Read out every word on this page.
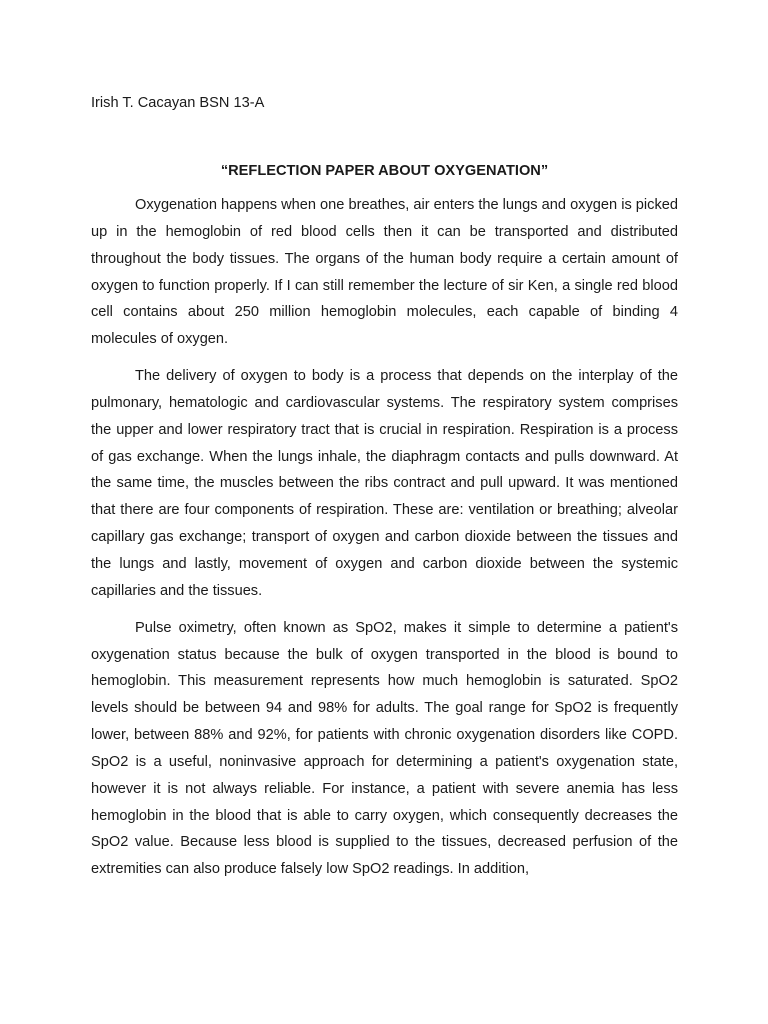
Irish T. Cacayan BSN 13-A

“REFLECTION PAPER ABOUT OXYGENATION”

Oxygenation happens when one breathes, air enters the lungs and oxygen is picked up in the hemoglobin of red blood cells then it can be transported and distributed throughout the body tissues. The organs of the human body require a certain amount of oxygen to function properly. If I can still remember the lecture of sir Ken, a single red blood cell contains about 250 million hemoglobin molecules, each capable of binding 4 molecules of oxygen.

The delivery of oxygen to body is a process that depends on the interplay of the pulmonary, hematologic and cardiovascular systems. The respiratory system comprises the upper and lower respiratory tract that is crucial in respiration. Respiration is a process of gas exchange. When the lungs inhale, the diaphragm contacts and pulls downward. At the same time, the muscles between the ribs contract and pull upward. It was mentioned that there are four components of respiration. These are: ventilation or breathing; alveolar capillary gas exchange; transport of oxygen and carbon dioxide between the tissues and the lungs and lastly, movement of oxygen and carbon dioxide between the systemic capillaries and the tissues.

Pulse oximetry, often known as SpO2, makes it simple to determine a patient's oxygenation status because the bulk of oxygen transported in the blood is bound to hemoglobin. This measurement represents how much hemoglobin is saturated. SpO2 levels should be between 94 and 98% for adults. The goal range for SpO2 is frequently lower, between 88% and 92%, for patients with chronic oxygenation disorders like COPD. SpO2 is a useful, noninvasive approach for determining a patient's oxygenation state, however it is not always reliable. For instance, a patient with severe anemia has less hemoglobin in the blood that is able to carry oxygen, which consequently decreases the SpO2 value. Because less blood is supplied to the tissues, decreased perfusion of the extremities can also produce falsely low SpO2 readings. In addition,
